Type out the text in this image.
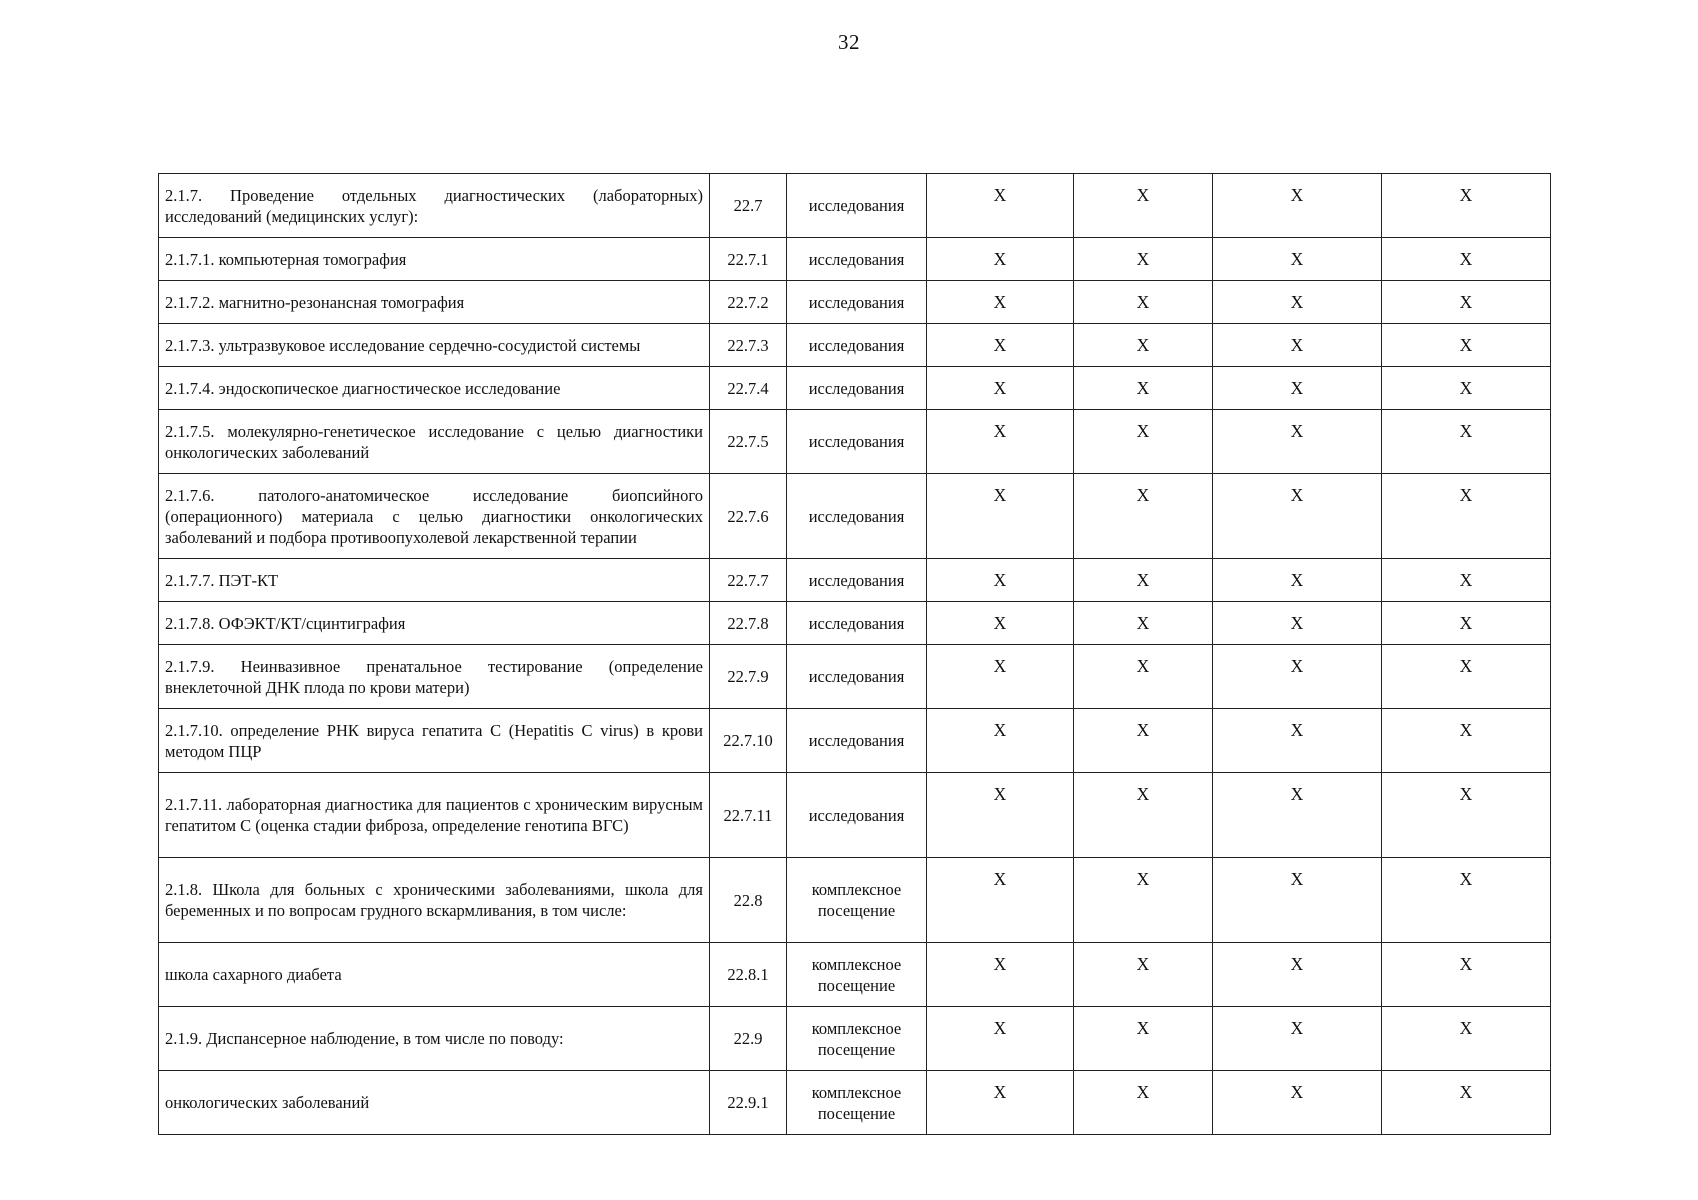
32
2.1.7. Проведение отдельных диагностических (лабораторных) исследований (медицинских услуг):	22.7	исследования	Х	Х	Х	Х
2.1.7.1. компьютерная томография	22.7.1	исследования	Х	Х	Х	Х
2.1.7.2. магнитно-резонансная томография	22.7.2	исследования	Х	Х	Х	Х
2.1.7.3. ультразвуковое исследование сердечно-сосудистой системы	22.7.3	исследования	Х	Х	Х	Х
2.1.7.4. эндоскопическое диагностическое исследование	22.7.4	исследования	Х	Х	Х	Х
2.1.7.5. молекулярно-генетическое исследование с целью диагностики онкологических заболеваний	22.7.5	исследования	Х	Х	Х	Х
2.1.7.6. патолого-анатомическое исследование биопсийного (операционного) материала с целью диагностики онкологических заболеваний и подбора противоопухолевой лекарственной терапии	22.7.6	исследования	Х	Х	Х	Х
2.1.7.7. ПЭТ-КТ	22.7.7	исследования	Х	Х	Х	Х
2.1.7.8. ОФЭКТ/КТ/сцинтиграфия	22.7.8	исследования	Х	Х	Х	Х
2.1.7.9. Неинвазивное пренатальное тестирование (определение внеклеточной ДНК плода по крови матери)	22.7.9	исследования	Х	Х	Х	Х
2.1.7.10. определение РНК вируса гепатита С (Hepatitis С virus) в крови методом ПЦР	22.7.10	исследования	Х	Х	Х	Х
2.1.7.11. лабораторная диагностика для пациентов с хроническим вирусным гепатитом С (оценка стадии фиброза, определение генотипа ВГС)	22.7.11	исследования	Х	Х	Х	Х
2.1.8. Школа для больных с хроническими заболеваниями, школа для беременных и по вопросам грудного вскармливания, в том числе:	22.8	комплексное посещение	Х	Х	Х	Х
школа сахарного диабета	22.8.1	комплексное посещение	Х	Х	Х	Х
2.1.9. Диспансерное наблюдение, в том числе по поводу:	22.9	комплексное посещение	Х	Х	Х	Х
онкологических заболеваний	22.9.1	комплексное посещение	Х	Х	Х	Х
